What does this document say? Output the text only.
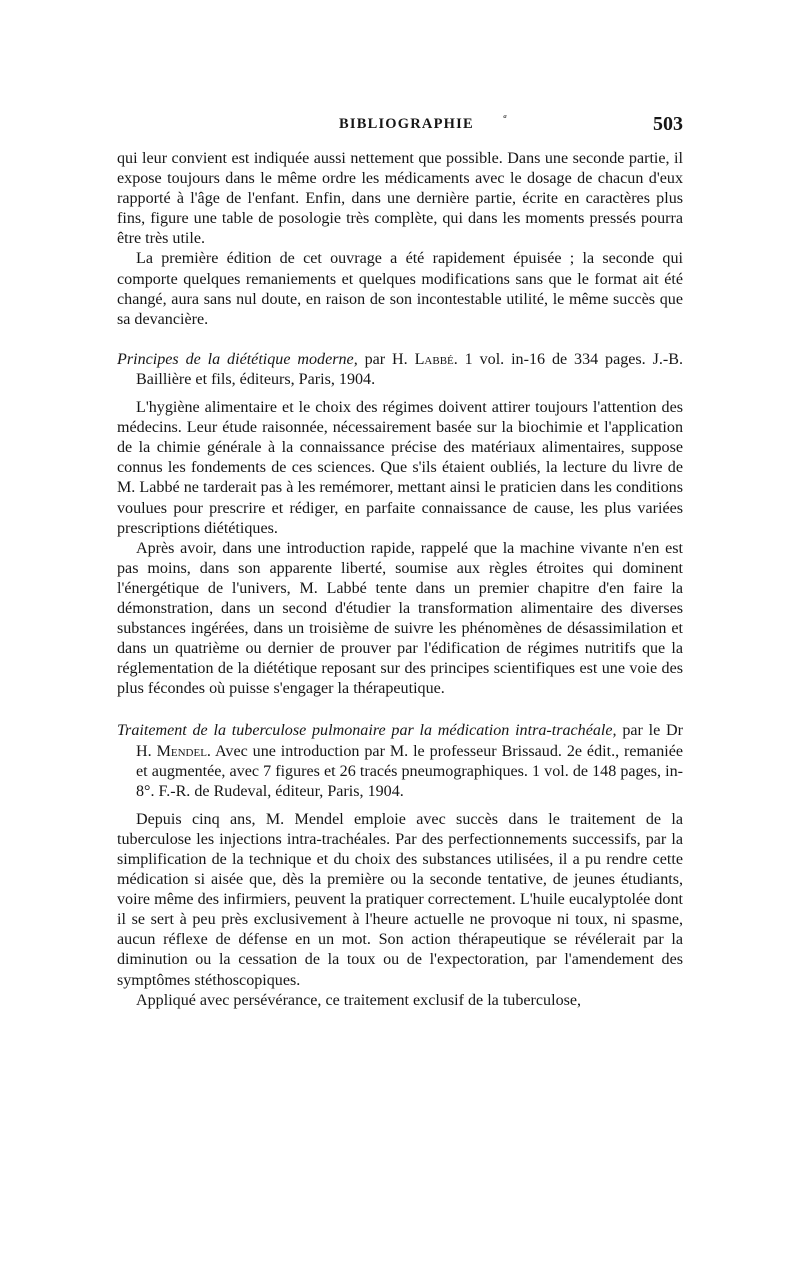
BIBLIOGRAPHIE	ª	503

qui leur convient est indiquée aussi nettement que possible. Dans une seconde partie, il expose toujours dans le même ordre les médicaments avec le dosage de chacun d'eux rapporté à l'âge de l'enfant. Enfin, dans une dernière partie, écrite en caractères plus fins, figure une table de posologie très complète, qui dans les moments pressés pourra être très utile.

La première édition de cet ouvrage a été rapidement épuisée ; la seconde qui comporte quelques remaniements et quelques modifications sans que le format ait été changé, aura sans nul doute, en raison de son incontestable utilité, le même succès que sa devancière.

Principes de la diététique moderne, par H. Labbé. 1 vol. in-16 de 334 pages. J.-B. Baillière et fils, éditeurs, Paris, 1904.

L'hygiène alimentaire et le choix des régimes doivent attirer toujours l'attention des médecins. Leur étude raisonnée, nécessairement basée sur la biochimie et l'application de la chimie générale à la connaissance précise des matériaux alimentaires, suppose connus les fondements de ces sciences. Que s'ils étaient oubliés, la lecture du livre de M. Labbé ne tarderait pas à les remémorer, mettant ainsi le praticien dans les conditions voulues pour prescrire et rédiger, en parfaite connaissance de cause, les plus variées prescriptions diététiques.

Après avoir, dans une introduction rapide, rappelé que la machine vivante n'en est pas moins, dans son apparente liberté, soumise aux règles étroites qui dominent l'énergétique de l'univers, M. Labbé tente dans un premier chapitre d'en faire la démonstration, dans un second d'étudier la transformation alimentaire des diverses substances ingérées, dans un troisième de suivre les phénomènes de désassimilation et dans un quatrième ou dernier de prouver par l'édification de régimes nutritifs que la réglementation de la diététique reposant sur des principes scientifiques est une voie des plus fécondes où puisse s'engager la thérapeutique.

Traitement de la tuberculose pulmonaire par la médication intra-trachéale, par le Dr H. Mendel. Avec une introduction par M. le professeur Brissaud. 2e édit., remaniée et augmentée, avec 7 figures et 26 tracés pneumographiques. 1 vol. de 148 pages, in-8°. F.-R. de Rudeval, éditeur, Paris, 1904.

Depuis cinq ans, M. Mendel emploie avec succès dans le traitement de la tuberculose les injections intra-trachéales. Par des perfectionnements successifs, par la simplification de la technique et du choix des substances utilisées, il a pu rendre cette médication si aisée que, dès la première ou la seconde tentative, de jeunes étudiants, voire même des infirmiers, peuvent la pratiquer correctement. L'huile eucalyptolée dont il se sert à peu près exclusivement à l'heure actuelle ne provoque ni toux, ni spasme, aucun réflexe de défense en un mot. Son action thérapeutique se révélerait par la diminution ou la cessation de la toux ou de l'expectoration, par l'amendement des symptômes stéthoscopiques.

Appliqué avec persévérance, ce traitement exclusif de la tuberculose,
